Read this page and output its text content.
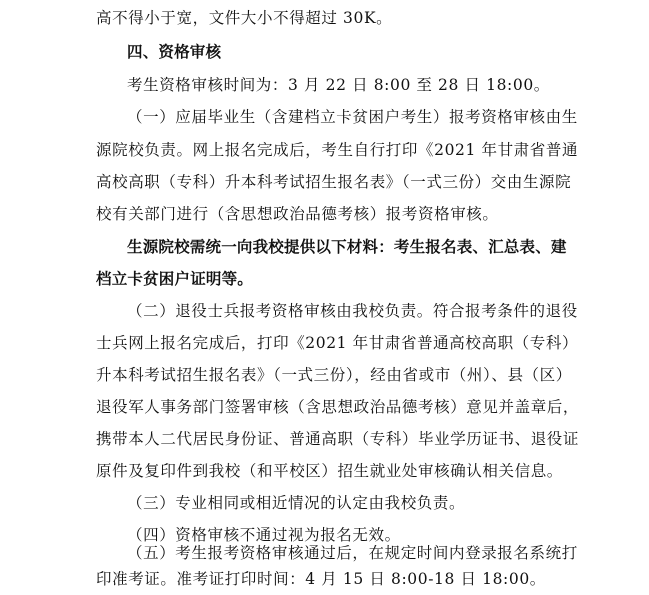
高不得小于宽，文件大小不得超过 30K。
四、资格审核
考生资格审核时间为：3 月 22 日 8:00 至 28 日 18:00。
（一）应届毕业生（含建档立卡贫困户考生）报考资格审核由生
源院校负责。网上报名完成后，考生自行打印《2021 年甘肃省普通
高校高职（专科）升本科考试招生报名表》（一式三份）交由生源院
校有关部门进行（含思想政治品德考核）报考资格审核。
生源院校需统一向我校提供以下材料：考生报名表、汇总表、建
档立卡贫困户证明等。
（二）退役士兵报考资格审核由我校负责。符合报考条件的退役
士兵网上报名完成后，打印《2021 年甘肃省普通高校高职（专科）
升本科考试招生报名表》（一式三份），经由省或市（州）、县（区）
退役军人事务部门签署审核（含思想政治品德考核）意见并盖章后，
携带本人二代居民身份证、普通高职（专科）毕业学历证书、退役证
原件及复印件到我校（和平校区）招生就业处审核确认相关信息。
（三）专业相同或相近情况的认定由我校负责。
（四）资格审核不通过视为报名无效。
（五）考生报考资格审核通过后，在规定时间内登录报名系统打
印准考证。准考证打印时间：4 月 15 日 8:00-18 日 18:00。
